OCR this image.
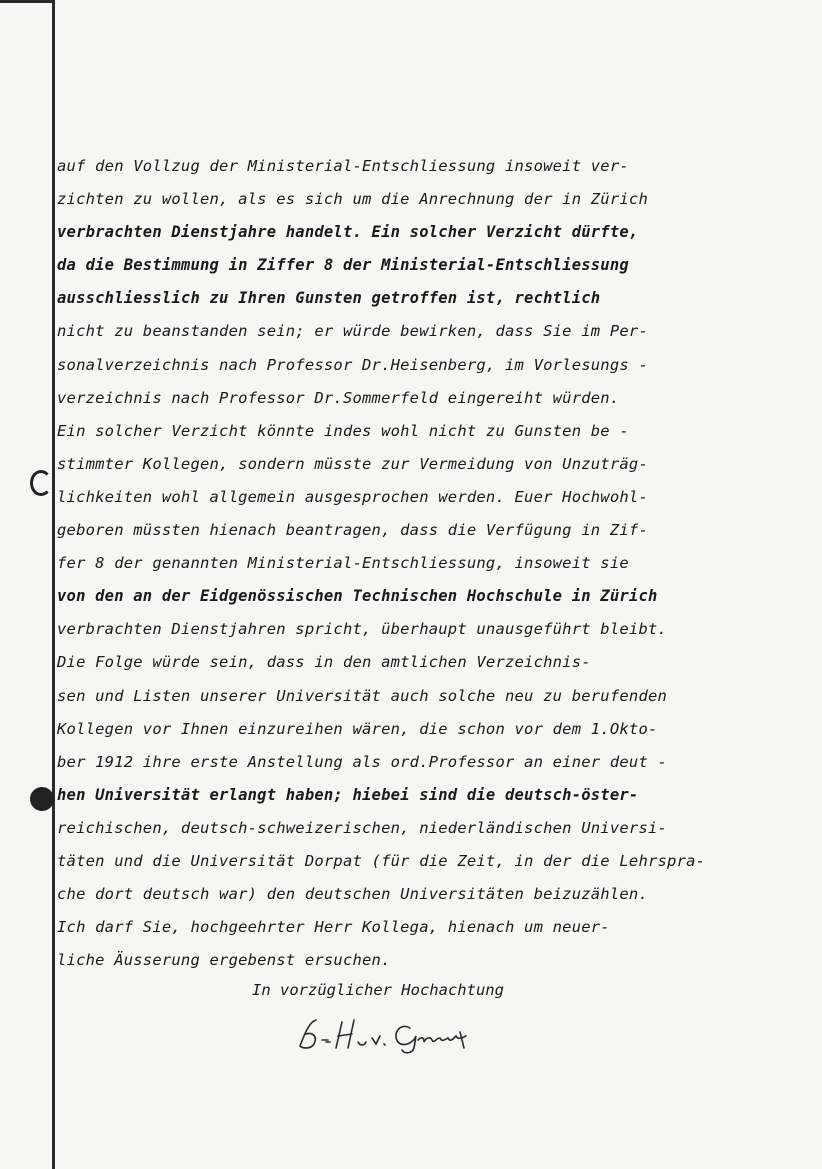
auf den Vollzug der Ministerial-Entschliessung insoweit ver-
zichten zu wollen, als es sich um die Anrechnung der in Zürich
verbrachten Dienstjahre handelt. Ein solcher Verzicht dürfte,
da die Bestimmung in Ziffer 8 der Ministerial-Entschliessung
ausschliesslich zu Ihren Gunsten getroffen ist, rechtlich
nicht zu beanstanden sein; er würde bewirken, dass Sie im Per-
sonalverzeichnis nach Professor Dr.Heisenberg, im Vorlesungs -
verzeichnis nach Professor Dr.Sommerfeld eingereiht würden.
Ein solcher Verzicht könnte indes wohl nicht zu Gunsten be -
stimmter Kollegen, sondern müsste zur Vermeidung von Unzuträg-
lichkeiten wohl allgemein ausgesprochen werden. Euer Hochwohl-
geboren müssten hienach beantragen, dass die Verfügung in Zif-
fer 8 der genannten Ministerial-Entschliessung, insoweit sie
von den an der Eidgenössischen Technischen Hochschule in Zürich
verbrachten Dienstjahren spricht, überhaupt unausgeführt bleibt.
Die Folge würde sein, dass in den amtlichen Verzeichnis-
sen und Listen unserer Universität auch solche neu zu berufenden
Kollegen vor Ihnen einzureihen wären, die schon vor dem 1.Okto-
ber 1912 ihre erste Anstellung als ord.Professor an einer deut -
hen Universität erlangt haben; hiebei sind die deutsch-öster-
reichischen, deutsch-schweizerischen, niederländischen Universi-
täten und die Universität Dorpat (für die Zeit, in der die Lehrspra-
che dort deutsch war) den deutschen Universitäten beizuzählen.
Ich darf Sie, hochgeehrter Herr Kollega, hienach um neuer-
liche Äusserung ergebenst ersuchen.
In vorzüglicher Hochachtung
